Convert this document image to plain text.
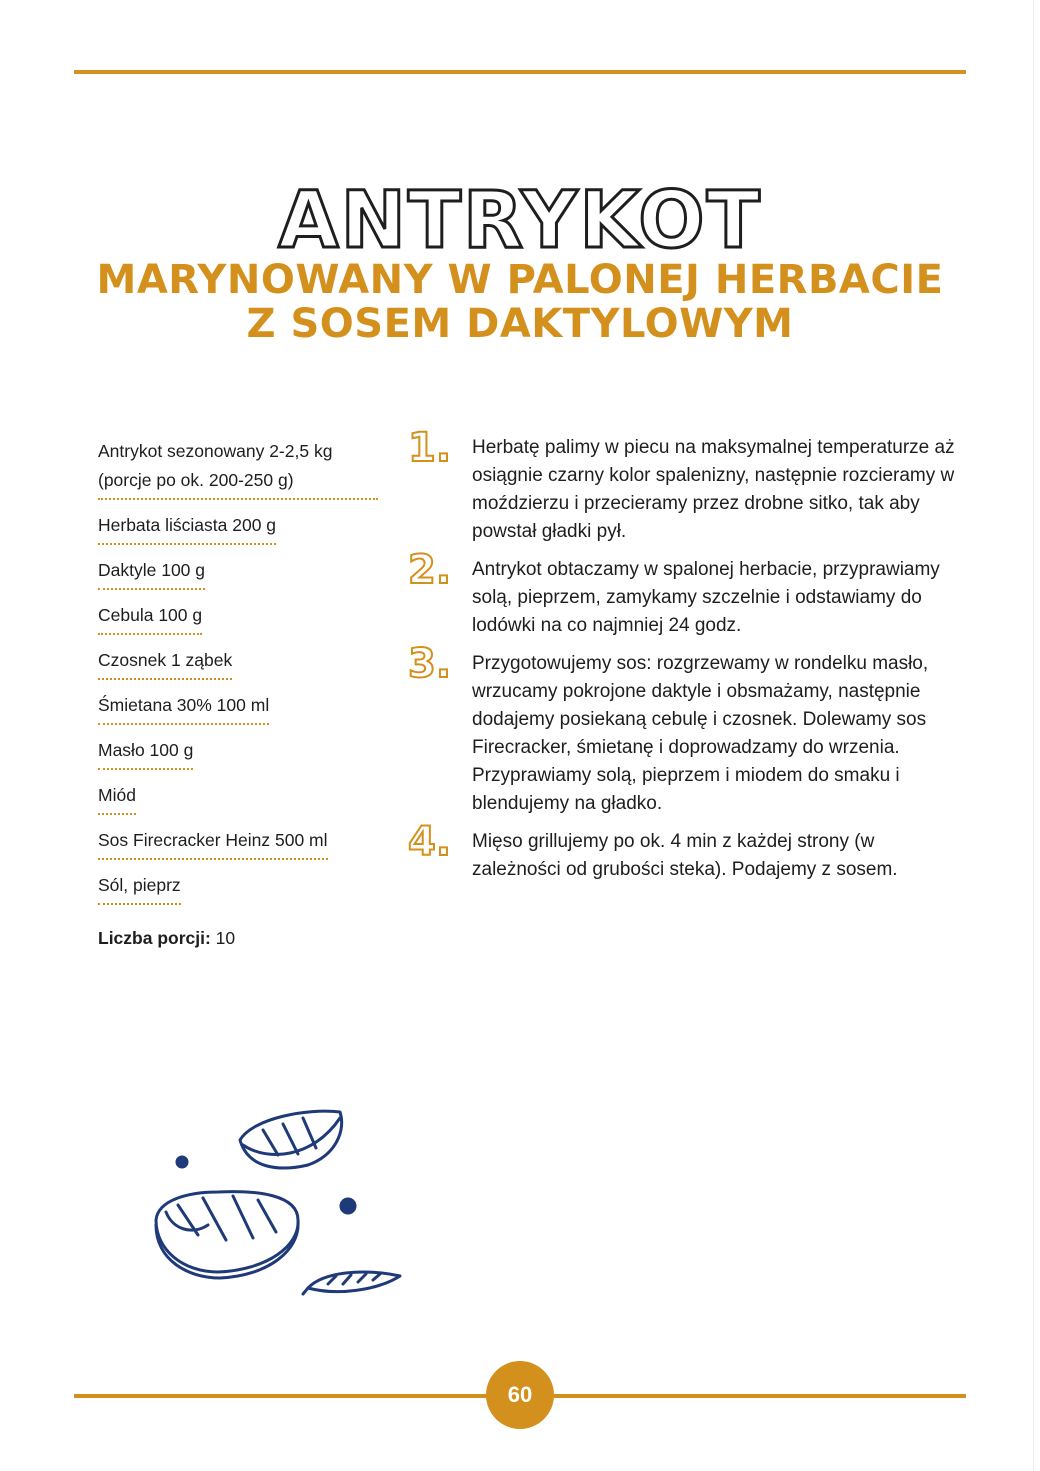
ANTRYKOT
MARYNOWANY W PALONEJ HERBACIE
Z SOSEM DAKTYLOWYM
Antrykot sezonowany 2-2,5 kg (porcje po ok. 200-250 g)
Herbata liściasta 200 g
Daktyle 100 g
Cebula 100 g
Czosnek 1 ząbek
Śmietana 30% 100 ml
Masło 100 g
Miód
Sos Firecracker Heinz 500 ml
Sól, pieprz
Liczba porcji: 10
1. Herbatę palimy w piecu na maksymalnej temperaturze aż osiągnie czarny kolor spalenizny, następnie rozcieramy w moździerzu i przecieramy przez drobne sitko, tak aby powstał gładki pył.
2. Antrykot obtaczamy w spalonej herbacie, przyprawiamy solą, pieprzem, zamykamy szczelnie i odstawiamy do lodówki na co najmniej 24 godz.
3. Przygotowujemy sos: rozgrzewamy w rondelku masło, wrzucamy pokrojone daktyle i obsmażamy, następnie dodajemy posiekaną cebulę i czosnek. Dolewamy sos Firecracker, śmietanę i doprowadzamy do wrzenia. Przyprawiamy solą, pieprzem i miodem do smaku i blendujemy na gładko.
4. Mięso grillujemy po ok. 4 min z każdej strony (w zależności od grubości steka). Podajemy z sosem.
60
